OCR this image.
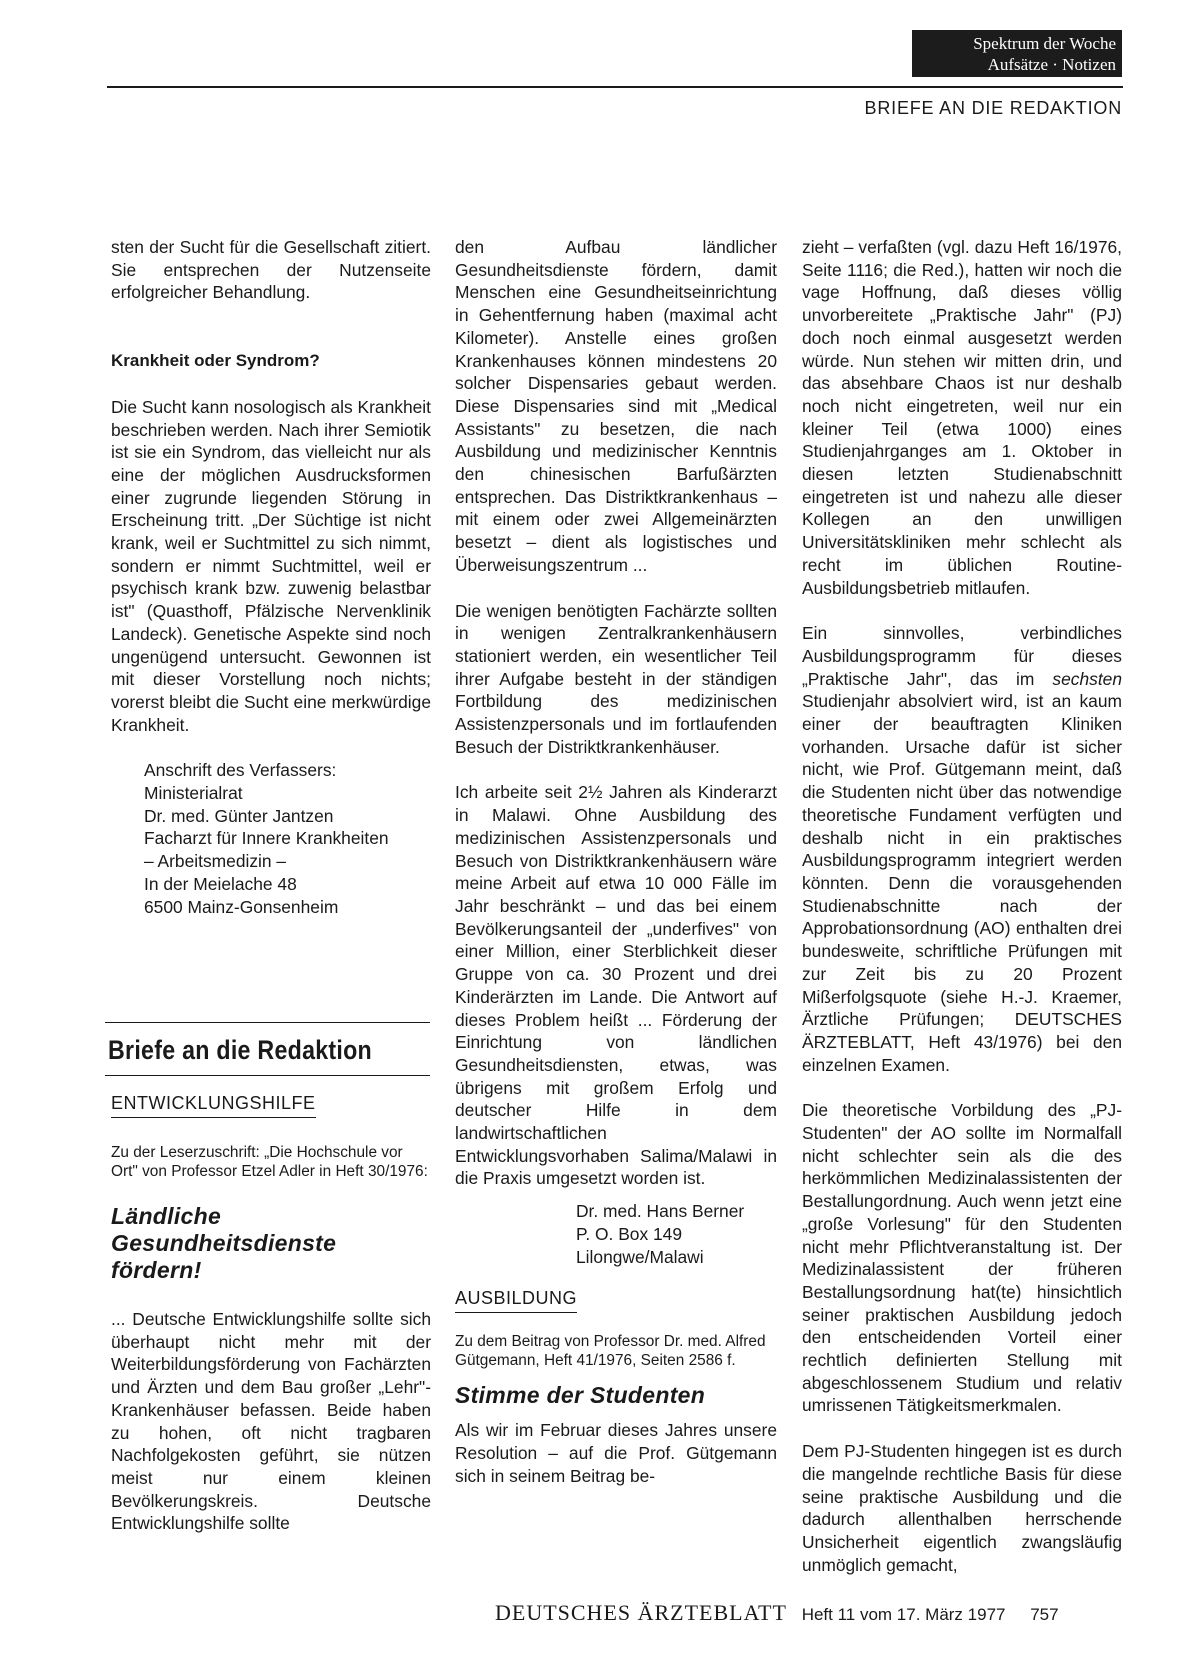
Spektrum der Woche
Aufsätze · Notizen
BRIEFE AN DIE REDAKTION

sten der Sucht für die Gesellschaft zitiert. Sie entsprechen der Nutzenseite erfolgreicher Behandlung.

Krankheit oder Syndrom?

Die Sucht kann nosologisch als Krankheit beschrieben werden. Nach ihrer Semiotik ist sie ein Syndrom, das vielleicht nur als eine der möglichen Ausdrucksformen einer zugrunde liegenden Störung in Erscheinung tritt. „Der Süchtige ist nicht krank, weil er Suchtmittel zu sich nimmt, sondern er nimmt Suchtmittel, weil er psychisch krank bzw. zuwenig belastbar ist" (Quasthoff, Pfälzische Nervenklinik Landeck). Genetische Aspekte sind noch ungenügend untersucht. Gewonnen ist mit dieser Vorstellung noch nichts; vorerst bleibt die Sucht eine merkwürdige Krankheit.

Anschrift des Verfassers:
Ministerialrat
Dr. med. Günter Jantzen
Facharzt für Innere Krankheiten
– Arbeitsmedizin –
In der Meielache 48
6500 Mainz-Gonsenheim
Briefe an die Redaktion
ENTWICKLUNGSHILFE

Zu der Leserzuschrift: „Die Hochschule vor Ort" von Professor Etzel Adler in Heft 30/1976:

Ländliche Gesundheitsdienste fördern!

... Deutsche Entwicklungshilfe sollte sich überhaupt nicht mehr mit der Weiterbildungsförderung von Fachärzten und Ärzten und dem Bau großer „Lehr"-Krankenhäuser befassen. Beide haben zu hohen, oft nicht tragbaren Nachfolgekosten geführt, sie nützen meist nur einem kleinen Bevölkerungskreis. Deutsche Entwicklungshilfe sollte

den Aufbau ländlicher Gesundheitsdienste fördern, damit Menschen eine Gesundheitseinrichtung in Gehentfernung haben (maximal acht Kilometer). Anstelle eines großen Krankenhauses können mindestens 20 solcher Dispensaries gebaut werden. Diese Dispensaries sind mit „Medical Assistants" zu besetzen, die nach Ausbildung und medizinischer Kenntnis den chinesischen Barfußärzten entsprechen. Das Distriktkrankenhaus – mit einem oder zwei Allgemeinärzten besetzt – dient als logistisches und Überweisungszentrum ...

Die wenigen benötigten Fachärzte sollten in wenigen Zentralkrankenhäusern stationiert werden, ein wesentlicher Teil ihrer Aufgabe besteht in der ständigen Fortbildung des medizinischen Assistenzpersonals und im fortlaufenden Besuch der Distriktkrankenhäuser.

Ich arbeite seit 2½ Jahren als Kinderarzt in Malawi. Ohne Ausbildung des medizinischen Assistenzpersonals und Besuch von Distriktkrankenhäusern wäre meine Arbeit auf etwa 10 000 Fälle im Jahr beschränkt – und das bei einem Bevölkerungsanteil der „underfives" von einer Million, einer Sterblichkeit dieser Gruppe von ca. 30 Prozent und drei Kinderärzten im Lande. Die Antwort auf dieses Problem heißt ... Förderung der Einrichtung von ländlichen Gesundheitsdiensten, etwas, was übrigens mit großem Erfolg und deutscher Hilfe in dem landwirtschaftlichen Entwicklungsvorhaben Salima/Malawi in die Praxis umgesetzt worden ist.

Dr. med. Hans Berner
P. O. Box 149
Lilongwe/Malawi
AUSBILDUNG

Zu dem Beitrag von Professor Dr. med. Alfred Gütgemann, Heft 41/1976, Seiten 2586 f.

Stimme der Studenten

Als wir im Februar dieses Jahres unsere Resolution – auf die Prof. Gütgemann sich in seinem Beitrag be-

zieht – verfaßten (vgl. dazu Heft 16/1976, Seite 1116; die Red.), hatten wir noch die vage Hoffnung, daß dieses völlig unvorbereitete „Praktische Jahr" (PJ) doch noch einmal ausgesetzt werden würde. Nun stehen wir mitten drin, und das absehbare Chaos ist nur deshalb noch nicht eingetreten, weil nur ein kleiner Teil (etwa 1000) eines Studienjahrganges am 1. Oktober in diesen letzten Studienabschnitt eingetreten ist und nahezu alle dieser Kollegen an den unwilligen Universitätskliniken mehr schlecht als recht im üblichen Routine-Ausbildungsbetrieb mitlaufen.

Ein sinnvolles, verbindliches Ausbildungsprogramm für dieses „Praktische Jahr", das im sechsten Studienjahr absolviert wird, ist an kaum einer der beauftragten Kliniken vorhanden. Ursache dafür ist sicher nicht, wie Prof. Gütgemann meint, daß die Studenten nicht über das notwendige theoretische Fundament verfügten und deshalb nicht in ein praktisches Ausbildungsprogramm integriert werden könnten. Denn die vorausgehenden Studienabschnitte nach der Approbationsordnung (AO) enthalten drei bundesweite, schriftliche Prüfungen mit zur Zeit bis zu 20 Prozent Mißerfolgsquote (siehe H.-J. Kraemer, Ärztliche Prüfungen; DEUTSCHES ÄRZTEBLATT, Heft 43/1976) bei den einzelnen Examen.

Die theoretische Vorbildung des „PJ-Studenten" der AO sollte im Normalfall nicht schlechter sein als die des herkömmlichen Medizinalassistenten der Bestallungordnung. Auch wenn jetzt eine „große Vorlesung" für den Studenten nicht mehr Pflichtveranstaltung ist. Der Medizinalassistent der früheren Bestallungsordnung hat(te) hinsichtlich seiner praktischen Ausbildung jedoch den entscheidenden Vorteil einer rechtlich definierten Stellung mit abgeschlossenem Studium und relativ umrissenen Tätigkeitsmerkmalen.

Dem PJ-Studenten hingegen ist es durch die mangelnde rechtliche Basis für diese seine praktische Ausbildung und die dadurch allenthalben herrschende Unsicherheit eigentlich zwangsläufig unmöglich gemacht,

DEUTSCHES ÄRZTEBLATT Heft 11 vom 17. März 1977 757
